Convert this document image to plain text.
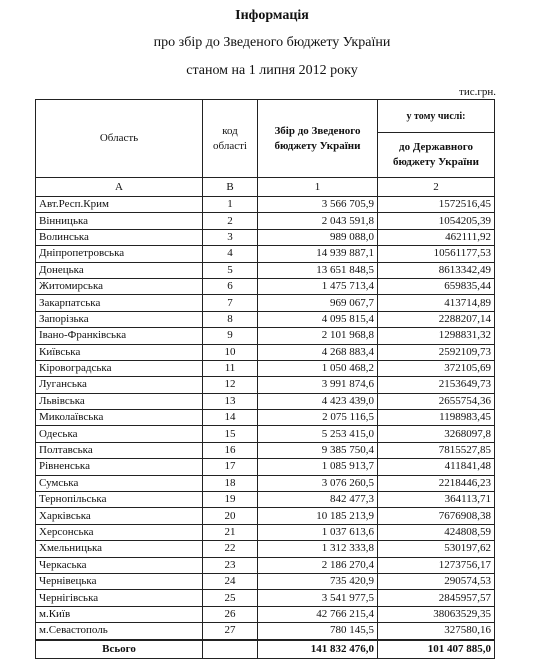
Інформація
про збір до Зведеного бюджету України
станом на 1 липня 2012 року
тис.грн.
Область	код області	Збір до Зведеного бюджету України	у тому числі:
			до Державного бюджету України
А	В	1	2
Авт.Респ.Крим	1	3 566 705,9	1572516,45
Вінницька	2	2 043 591,8	1054205,39
Волинська	3	989 088,0	462111,92
Дніпропетровська	4	14 939 887,1	10561177,53
Донецька	5	13 651 848,5	8613342,49
Житомирська	6	1 475 713,4	659835,44
Закарпатська	7	969 067,7	413714,89
Запорізька	8	4 095 815,4	2288207,14
Івано-Франківська	9	2 101 968,8	1298831,32
Київська	10	4 268 883,4	2592109,73
Кіровоградська	11	1 050 468,2	372105,69
Луганська	12	3 991 874,6	2153649,73
Львівська	13	4 423 439,0	2655754,36
Миколаївська	14	2 075 116,5	1198983,45
Одеська	15	5 253 415,0	3268097,8
Полтавська	16	9 385 750,4	7815527,85
Рівненська	17	1 085 913,7	411841,48
Сумська	18	3 076 260,5	2218446,23
Тернопільська	19	842 477,3	364113,71
Харківська	20	10 185 213,9	7676908,38
Херсонська	21	1 037 613,6	424808,59
Хмельницька	22	1 312 333,8	530197,62
Черкаська	23	2 186 270,4	1273756,17
Чернівецька	24	735 420,9	290574,53
Чернігівська	25	3 541 977,5	2845957,57
м.Київ	26	42 766 215,4	38063529,35
м.Севастополь	27	780 145,5	327580,16
Всього		141 832 476,0	101 407 885,0
